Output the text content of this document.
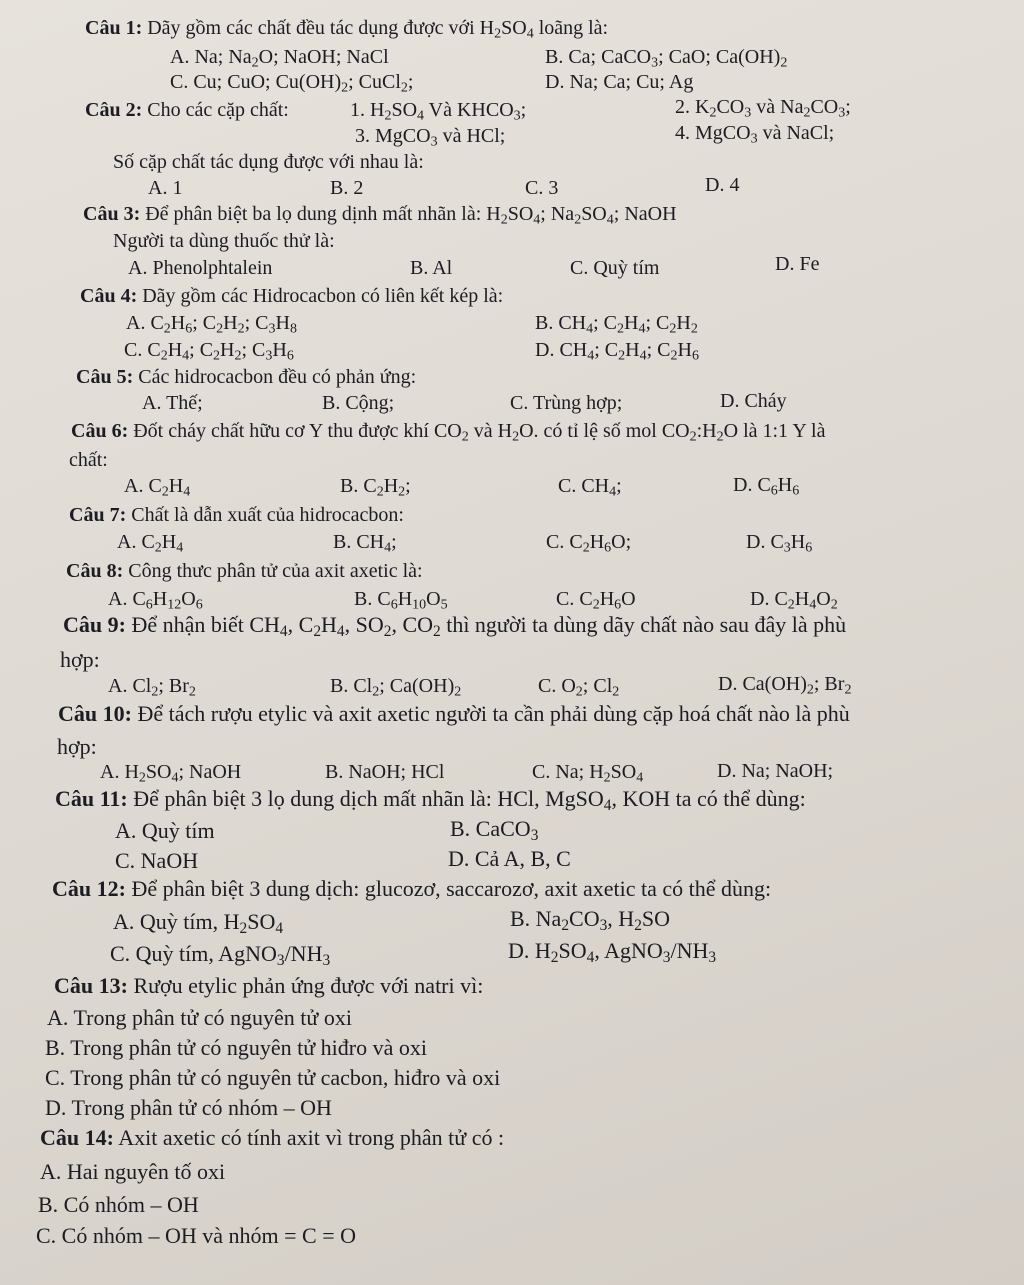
Câu 1: Dãy gồm các chất đều tác dụng được với $H_2SO_4$ loãng là:
A. Na; $Na_2O$; NaOH; NaCl	B. Ca; CaCO$_3$; CaO; $Ca(OH)_2$
C. Cu; CuO; $Cu(OH)_2$; CuCl$_2$;	D. Na; Ca; Cu; Ag
Câu 2: Cho các cặp chất:	1. $H_2SO_4$ Và $KHCO_3$;	2. $K_2CO_3$ và $Na_2CO_3$;
3. MgCO$_3$ và HCl;	4. MgCO$_3$ và NaCl;
Số cặp chất tác dụng được với nhau là:
A. 1	B. 2	C. 3	D. 4
Câu 3: Để phân biệt ba lọ dung dịnh mất nhãn là: $H_2SO_4$; $Na_2SO_4$; NaOH
Người ta dùng thuốc thử là:
A. Phenolphtalein	B. Al	C. Quỳ tím	D. Fe
Câu 4: Dãy gồm các Hidrocacbon có liên kết kép là:
A. $C_2H_6$; $C_2H_2$; $C_3H_8$	B. $CH_4$; $C_2H_4$; $C_2H_2$
C. $C_2H_4$; $C_2H_2$; $C_3H_6$	D. $CH_4$; $C_2H_4$; $C_2H_6$
Câu 5: Các hidrocacbon đều có phản ứng:
A. Thế;	B. Cộng;	C. Trùng hợp;	D. Cháy
Câu 6: Đốt cháy chất hữu cơ Y thu được khí $CO_2$ và $H_2O$. có tỉ lệ số mol $CO_2:H_2O$ là 1:1 Y là
chất:
A. $C_2H_4$	B. $C_2H_2$;	C. $CH_4$;	D. $C_6H_6$
Câu 7: Chất là dẫn xuất của hidrocacbon:
A. $C_2H_4$	B. $CH_4$;	C. $C_2H_6O$;	D. $C_3H_6$
Câu 8: Công thưc phân tử của axit axetic là:
A. $C_6H_{12}O_6$	B. $C_6H_{10}O_5$	C. $C_2H_6O$	D. $C_2H_4O_2$
Câu 9: Để nhận biết $CH_4$, $C_2H_4$, $SO_2$, $CO_2$ thì người ta dùng dãy chất nào sau đây là phù
hợp:
A. $Cl_2$; $Br_2$	B. $Cl_2$; $Ca(OH)_2$	C. $O_2$; $Cl_2$	D. $Ca(OH)_2$; $Br_2$
Câu 10: Để tách rượu etylic và axit axetic người ta cần phải dùng cặp hoá chất nào là phù
hợp:
A. $H_2SO_4$; NaOH	B. NaOH; HCl	C. Na; $H_2SO_4$	D. Na; NaOH;
Câu 11: Để phân biệt 3 lọ dung dịch mất nhãn là: HCl, MgSO$_4$, KOH ta có thể dùng:
A. Quỳ tím	B. CaCO$_3$
C. NaOH	D. Cả A, B, C
Câu 12: Để phân biệt 3 dung dịch: glucozơ, saccarozơ, axit axetic ta có thể dùng:
A. Quỳ tím, $H_2SO_4$	B. $Na_2CO_3$, $H_2SO$
C. Quỳ tím, $AgNO_3/NH_3$	D. $H_2SO_4$, $AgNO_3/NH_3$
Câu 13: Rượu etylic phản ứng được với natri vì:
A. Trong phân tử có nguyên tử oxi
B. Trong phân tử có nguyên tử hiđro và oxi
C. Trong phân tử có nguyên tử cacbon, hiđro và oxi
D. Trong phân tử có nhóm – OH
Câu 14: Axit axetic có tính axit vì trong phân tử có :
A. Hai nguyên tố oxi
B. Có nhóm – OH
C. Có nhóm – OH và nhóm = C = O
